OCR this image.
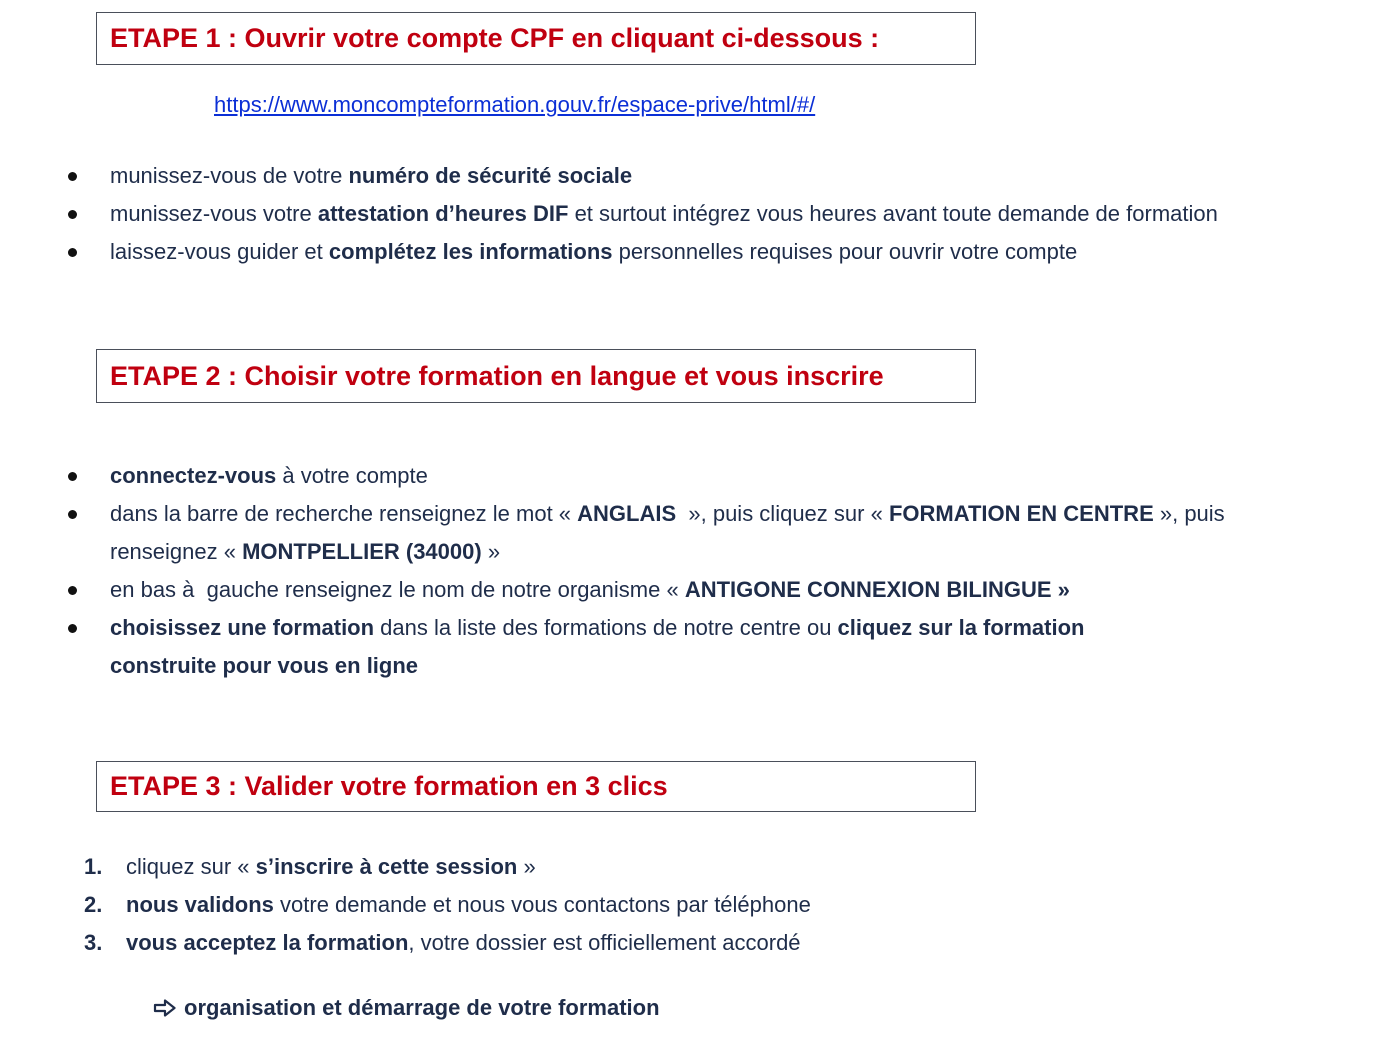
ETAPE 1 : Ouvrir votre compte CPF en cliquant ci-dessous :
https://www.moncompteformation.gouv.fr/espace-prive/html/#/
munissez-vous de votre numéro de sécurité sociale
munissez-vous votre attestation d’heures DIF et surtout intégrez vous heures avant toute demande de formation
laissez-vous guider et complétez les informations personnelles requises pour ouvrir votre compte
ETAPE 2 : Choisir votre formation en langue et vous inscrire
connectez-vous à votre compte
dans la barre de recherche renseignez le mot « ANGLAIS  », puis cliquez sur « FORMATION EN CENTRE », puis renseignez « MONTPELLIER (34000) »
en bas à  gauche renseignez le nom de notre organisme « ANTIGONE CONNEXION BILINGUE »
choisissez une formation dans la liste des formations de notre centre ou cliquez sur la formation construite pour vous en ligne
ETAPE 3 : Valider votre formation en 3 clics
1. cliquez sur « s’inscrire à cette session »
2. nous validons votre demande et nous vous contactons par téléphone
3. vous acceptez la formation, votre dossier est officiellement accordé
organisation et démarrage de votre formation
